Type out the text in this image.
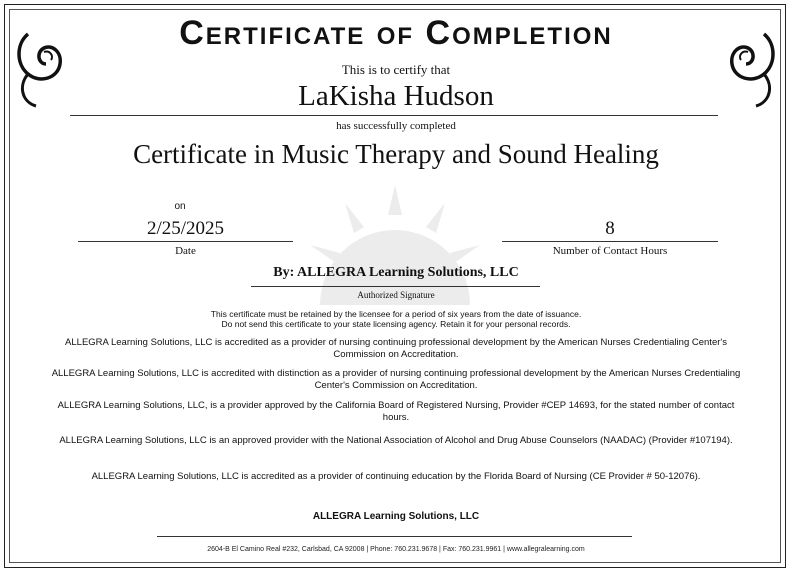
Certificate of Completion
This is to certify that
LaKisha Hudson
has successfully completed
Certificate in Music Therapy and Sound Healing
on
2/25/2025
Date
8
Number of Contact Hours
By: ALLEGRA Learning Solutions, LLC
Authorized Signature
This certificate must be retained by the licensee for a period of six years from the date of issuance.
Do not send this certificate to your state licensing agency. Retain it for your personal records.
ALLEGRA Learning Solutions, LLC is accredited as a provider of nursing continuing professional development by the American Nurses Credentialing Center's Commission on Accreditation.
ALLEGRA Learning Solutions, LLC is accredited with distinction as a provider of nursing continuing professional development by the American Nurses Credentialing Center's Commission on Accreditation.
ALLEGRA Learning Solutions, LLC, is a provider approved by the California Board of Registered Nursing, Provider #CEP 14693, for the stated number of contact hours.
ALLEGRA Learning Solutions, LLC is an approved provider with the National Association of Alcohol and Drug Abuse Counselors (NAADAC) (Provider #107194).
ALLEGRA Learning Solutions, LLC is accredited as a provider of continuing education by the Florida Board of Nursing (CE Provider # 50-12076).
ALLEGRA Learning Solutions, LLC
2604-B El Camino Real #232, Carlsbad, CA 92008 | Phone: 760.231.9678 | Fax: 760.231.9961 | www.allegralearning.com
